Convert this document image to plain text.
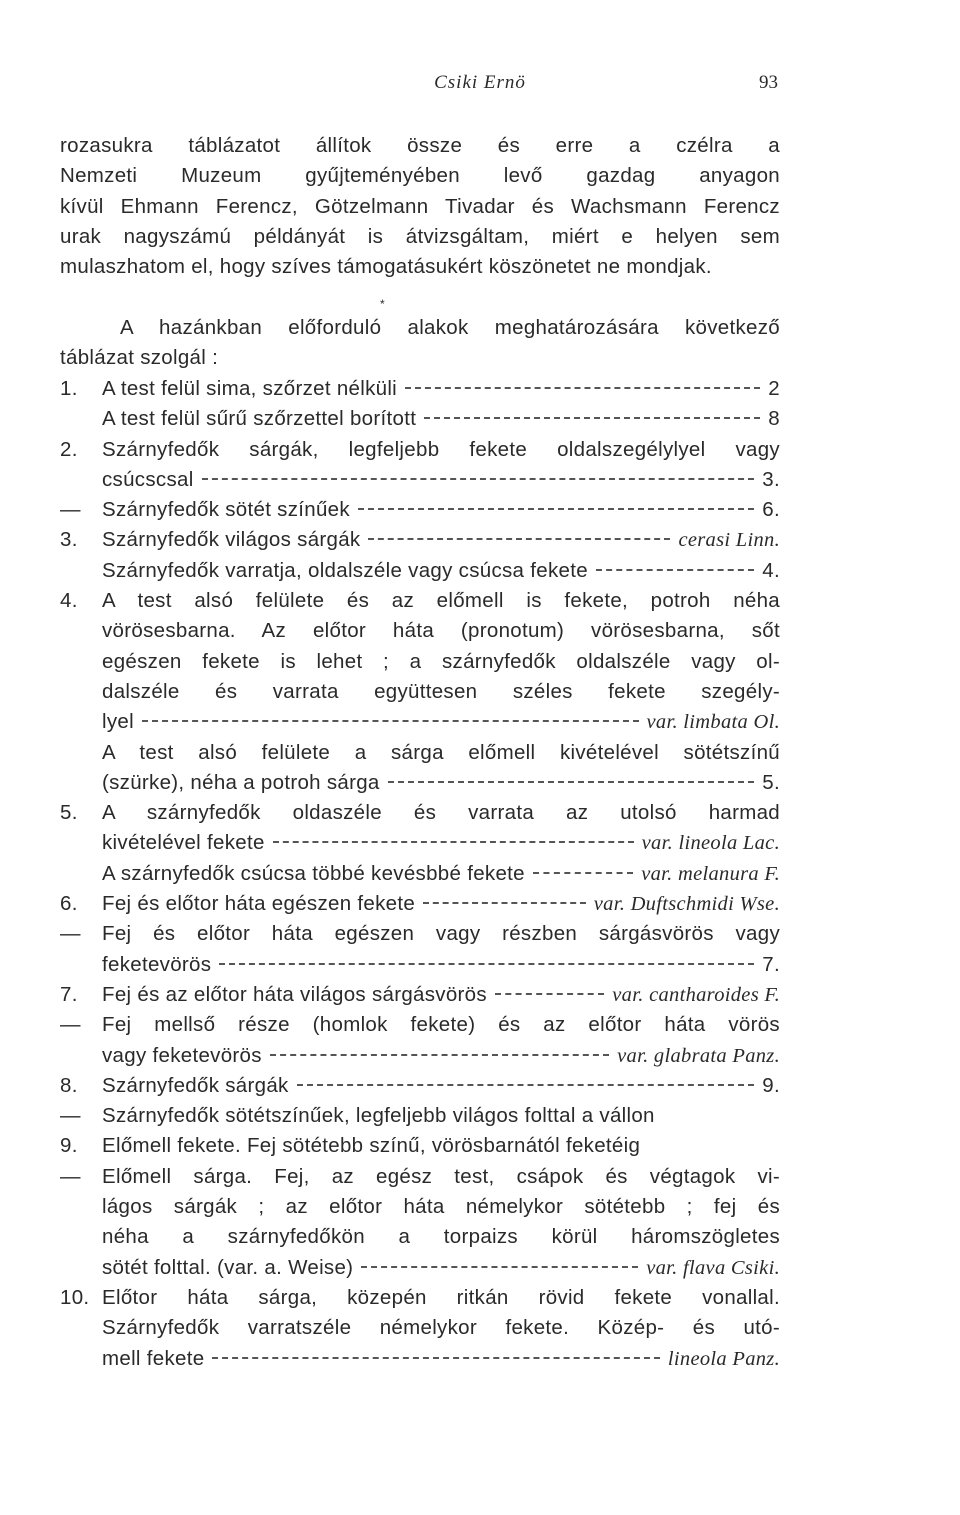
Csiki Ernö	93
rozasukra táblázatot állítok össze és erre a czélra a
Nemzeti Muzeum gyűjteményében levő gazdag anyagon
kívül Ehmann Ferencz, Götzelmann Tivadar és Wachsmann Ferencz
urak nagyszámú példányát is átvizsgáltam, miért e helyen sem
mulaszhatom el, hogy szíves támogatásukért köszönetet ne mondjak.
*
A hazánkban előforduló alakok meghatározására következő
táblázat szolgál :
1.	A test felül sima, szőrzet nélküli	2
A test felül sűrű szőrzettel borított	8
2.	Szárnyfedők sárgák, legfeljebb fekete oldalszegélylyel vagy
csúcscsal	3.
—	Szárnyfedők sötét színűek	6.
3.	Szárnyfedők világos sárgák	cerasi Linn.
Szárnyfedők varratja, oldalszéle vagy csúcsa fekete	4.
4.	A test alsó felülete és az előmell is fekete, potroh néha
vörösesbarna. Az előtor háta (pronotum) vörösesbarna, sőt
egészen fekete is lehet ; a szárnyfedők oldalszéle vagy ol-
dalszéle és varrata együttesen széles fekete szegély-
lyel	var. limbata Ol.
A test alsó felülete a sárga előmell kivételével sötétszínű
(szürke), néha a potroh sárga	5.
5.	A szárnyfedők oldaszéle és varrata az utolsó harmad
kivételével fekete	var. lineola Lac.
A szárnyfedők csúcsa többé kevésbbé fekete	var. melanura F.
6.	Fej és előtor háta egészen fekete	var. Duftschmidi Wse.
—	Fej és előtor háta egészen vagy részben sárgásvörös vagy
feketevörös	7.
7.	Fej és az előtor háta világos sárgásvörös	var. cantharoides F.
—	Fej mellső része (homlok fekete) és az előtor háta vörös
vagy feketevörös	var. glabrata Panz.
8.	Szárnyfedők sárgák	9.
—	Szárnyfedők sötétszínűek, legfeljebb világos folttal a vállon
9.	Előmell fekete. Fej sötétebb színű, vörösbarnától feketéig
—	Előmell sárga. Fej, az egész test, csápok és végtagok vi-
lágos sárgák ; az előtor háta némelykor sötétebb ; fej és
néha a szárnyfedőkön a torpaizs körül háromszögletes
sötét folttal. (var. a. Weise)	var. flava Csiki.
10. Előtor háta sárga, közepén ritkán rövid fekete vonallal.
Szárnyfedők varratszéle némelykor fekete. Közép- és utó-
mell fekete	lineola Panz.
